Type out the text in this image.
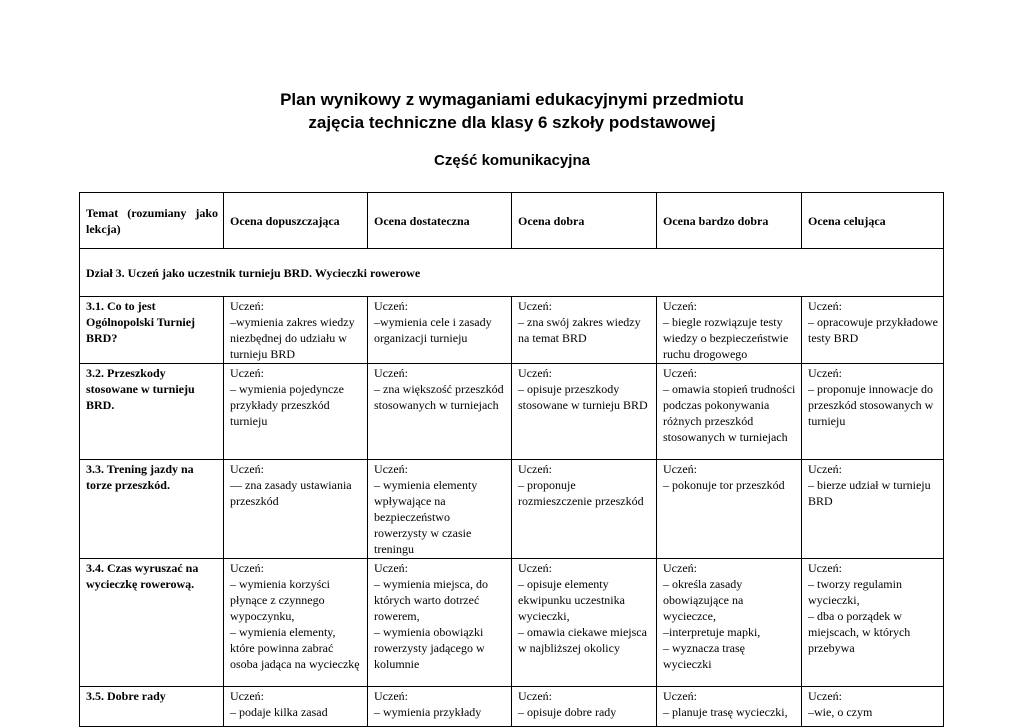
Plan wynikowy z wymaganiami edukacyjnymi przedmiotu
zajęcia techniczne dla klasy 6 szkoły podstawowej
Część komunikacyjna
Temat (rozumiany jako lekcja)	Ocena dopuszczająca	Ocena dostateczna	Ocena dobra	Ocena bardzo dobra	Ocena celująca
Dział 3. Uczeń jako uczestnik turnieju BRD. Wycieczki rowerowe					
3.1. Co to jest Ogólnopolski Turniej BRD?	Uczeń:
–wymienia zakres wiedzy niezbędnej do udziału w turnieju BRD	Uczeń:
–wymienia cele i zasady organizacji turnieju	Uczeń:
– zna swój zakres wiedzy na temat BRD	Uczeń:
– biegle rozwiązuje testy wiedzy o bezpieczeństwie ruchu drogowego	Uczeń:
– opracowuje przykładowe testy BRD

3.2. Przeszkody stosowane w turnieju BRD.	Uczeń:
– wymienia pojedyncze przykłady przeszkód turnieju	Uczeń:
– zna większość przeszkód stosowanych w turniejach	Uczeń:
– opisuje przeszkody stosowane w turnieju BRD	Uczeń:
– omawia stopień trudności podczas pokonywania różnych przeszkód stosowanych w turniejach	Uczeń:
– proponuje innowacje do przeszkód stosowanych w turnieju

3.3. Trening jazdy na torze przeszkód.	Uczeń:
— zna zasady ustawiania przeszkód	Uczeń:
– wymienia elementy wpływające na bezpieczeństwo rowerzysty w czasie treningu	Uczeń:
– proponuje rozmieszczenie przeszkód	Uczeń:
– pokonuje tor przeszkód	Uczeń:
– bierze udział w turnieju BRD

3.4. Czas wyruszać na wycieczkę rowerową.	Uczeń:
– wymienia korzyści płynące z czynnego wypoczynku,
– wymienia elementy, które powinna zabrać osoba jadąca na wycieczkę	Uczeń:
– wymienia miejsca, do których warto dotrzeć rowerem,
– wymienia obowiązki rowerzysty jadącego w kolumnie	Uczeń:
– opisuje elementy ekwipunku uczestnika wycieczki,
– omawia ciekawe miejsca w najbliższej okolicy	Uczeń:
– określa zasady obowiązujące na wycieczce,
–interpretuje mapki,
– wyznacza trasę wycieczki	Uczeń:
– tworzy regulamin wycieczki,
– dba o porządek w miejscach, w których przebywa

3.5. Dobre rady	Uczeń:
– podaje kilka zasad	Uczeń:
– wymienia przykłady	Uczeń:
– opisuje dobre rady	Uczeń:
– planuje trasę wycieczki,	Uczeń:
–wie, o czym
